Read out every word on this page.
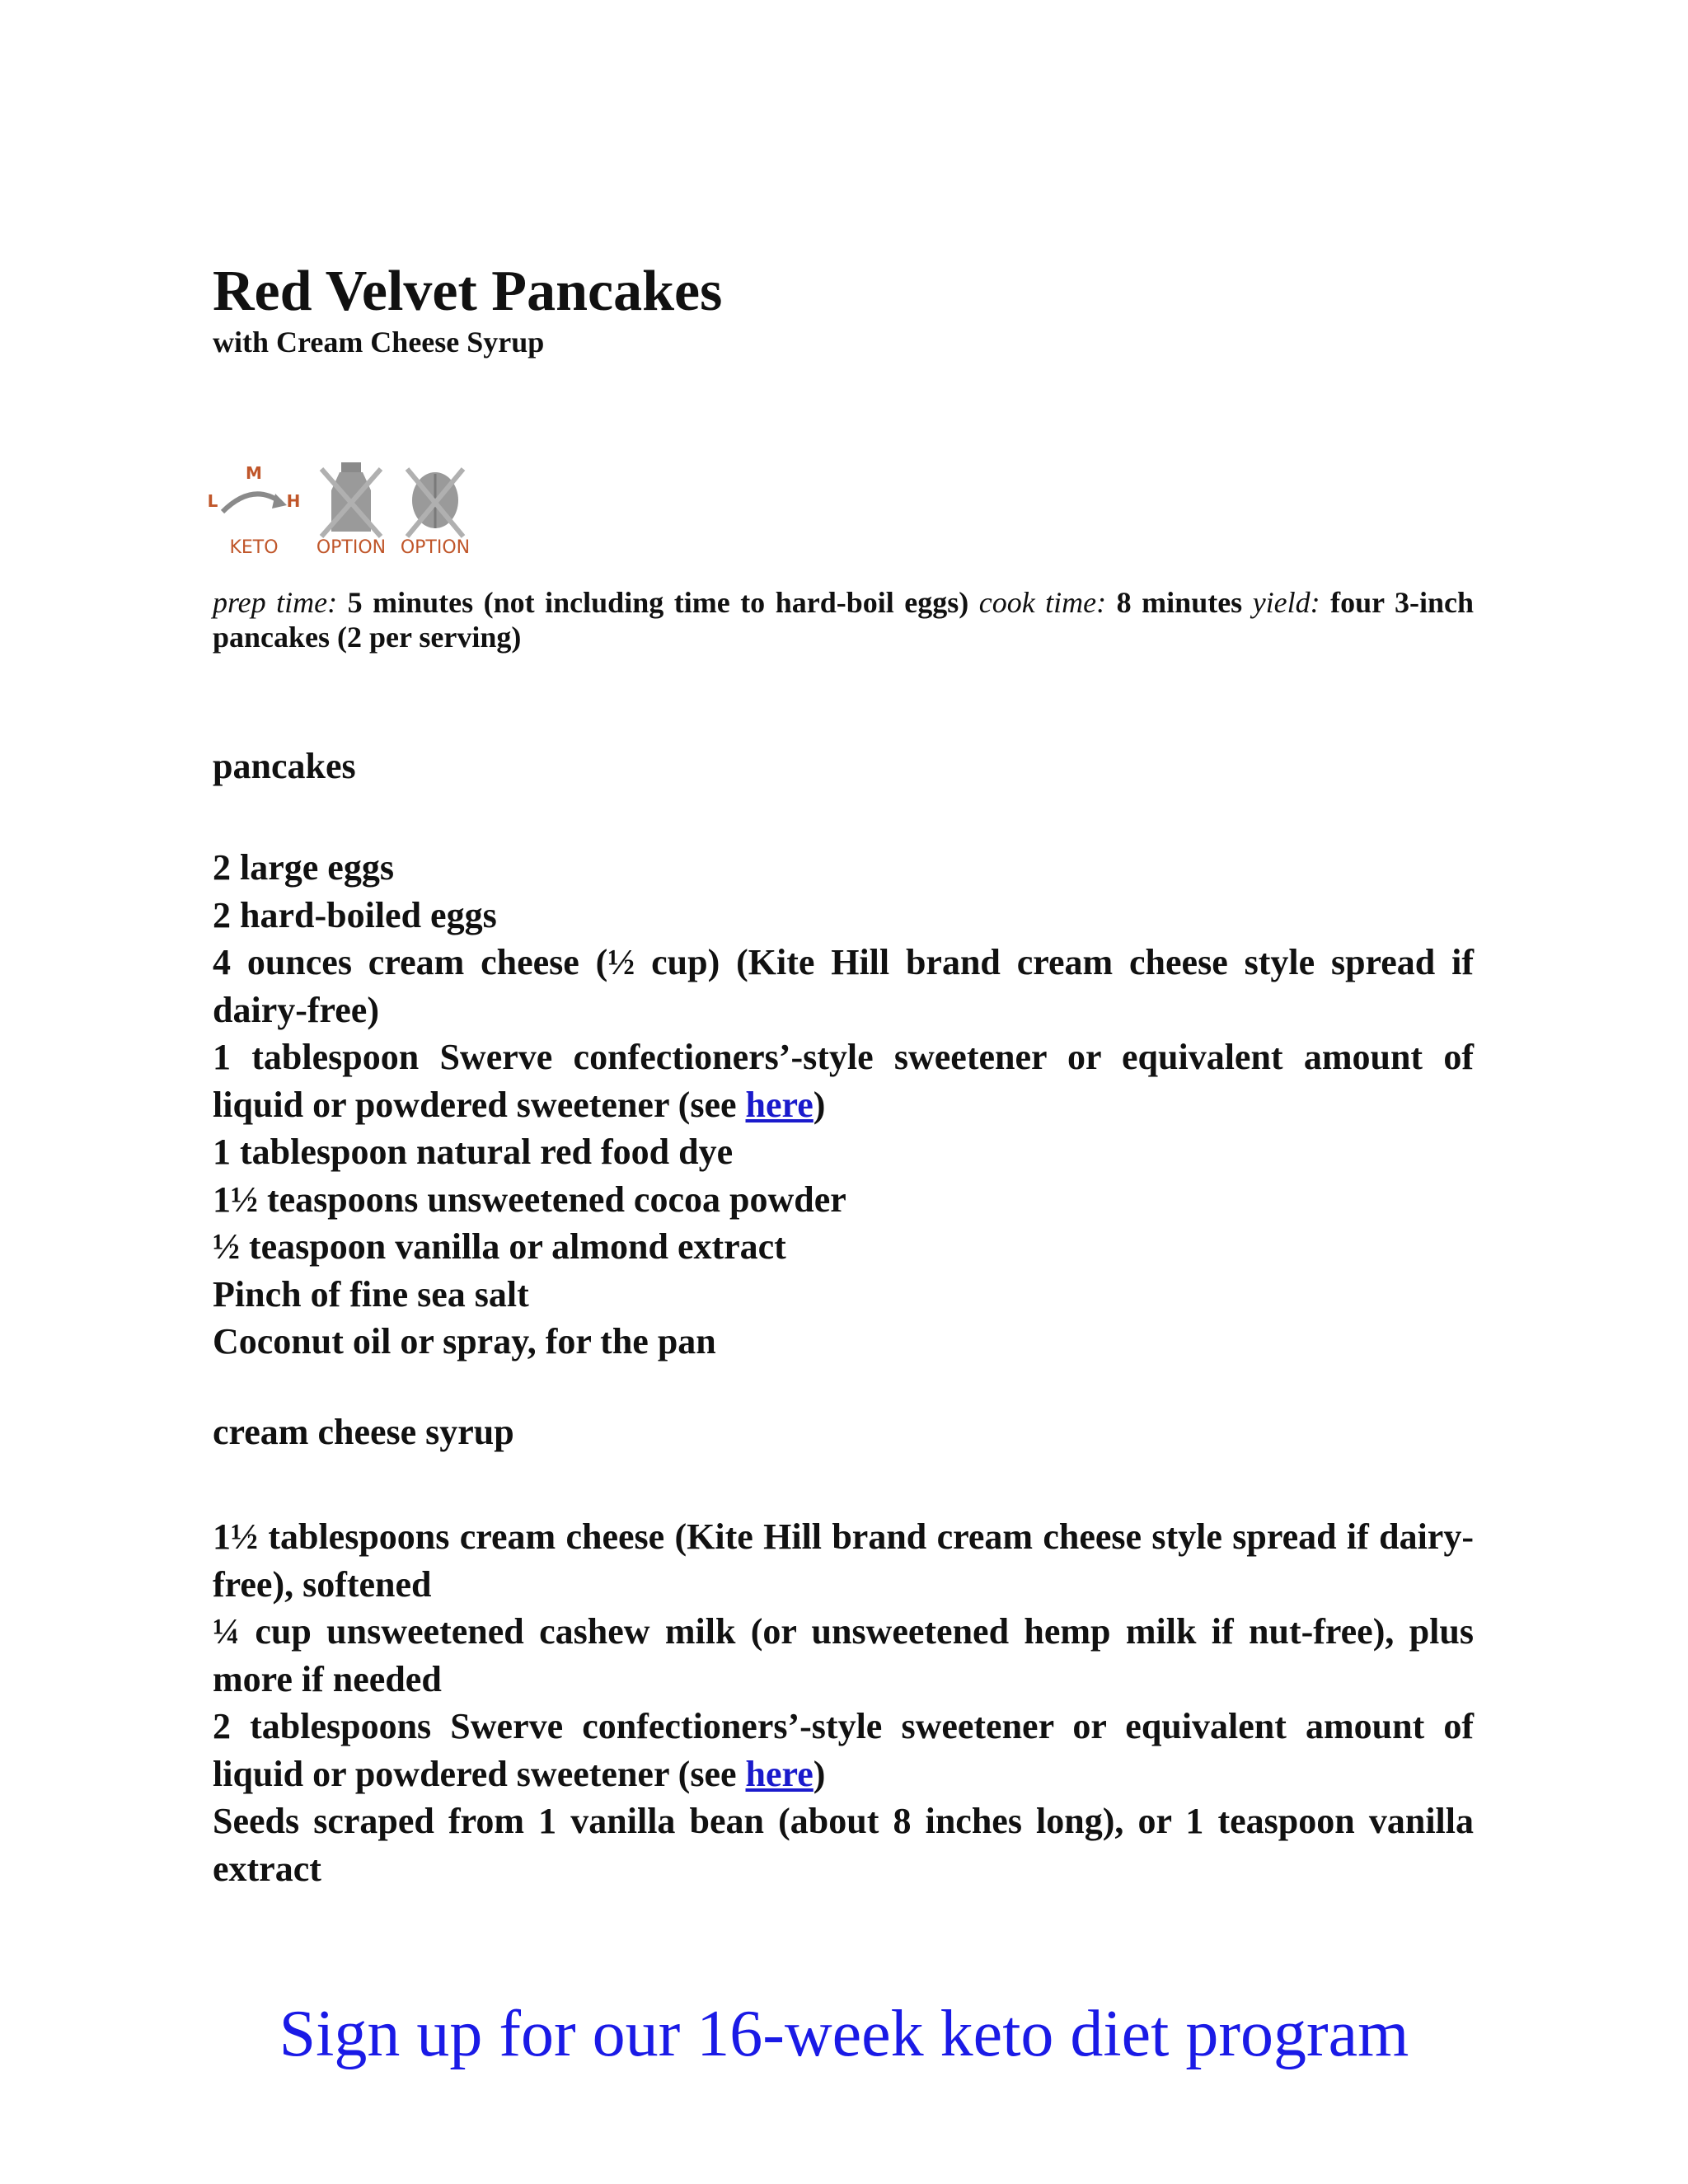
Red Velvet Pancakes
with Cream Cheese Syrup
M
L	H
KETO OPTION OPTION

prep time: 5 minutes (not including time to hard-boil eggs) cook time: 8 minutes yield: four 3-inch pancakes (2 per serving)

pancakes
2 large eggs
2 hard-boiled eggs
4 ounces cream cheese (½ cup) (Kite Hill brand cream cheese style spread if dairy-free)
1 tablespoon Swerve confectioners’-style sweetener or equivalent amount of liquid or powdered sweetener (see here)
1 tablespoon natural red food dye
1½ teaspoons unsweetened cocoa powder
½ teaspoon vanilla or almond extract
Pinch of fine sea salt
Coconut oil or spray, for the pan
cream cheese syrup
1½ tablespoons cream cheese (Kite Hill brand cream cheese style spread if dairy-free), softened
¼ cup unsweetened cashew milk (or unsweetened hemp milk if nut-free), plus more if needed
2 tablespoons Swerve confectioners’-style sweetener or equivalent amount of liquid or powdered sweetener (see here)
Seeds scraped from 1 vanilla bean (about 8 inches long), or 1 teaspoon vanilla extract
Sign up for our 16-week keto diet program
